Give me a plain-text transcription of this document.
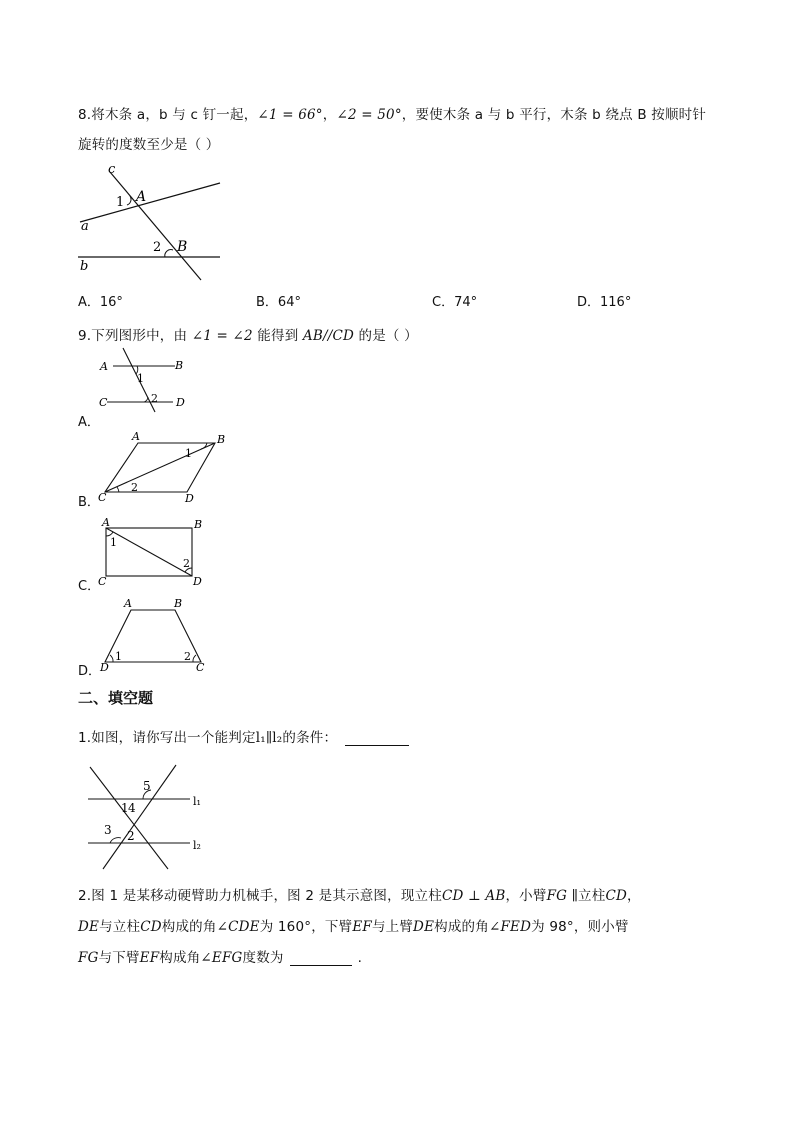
8.将木条 a，b 与 c 钉一起，∠1 = 66°，∠2 = 50°，要使木条 a 与 b 平行，木条 b 绕点 B 按顺时针
旋转的度数至少是（ ）
c
A
1
a
2 B
b
A．16°	B．64°	C．74°	D．116°
9.下列图形中，由 ∠1 = ∠2 能得到 AB//CD 的是（ ）
A	B
C	D
1
2
A．
A	B
C	D
1
2
B．
A	B
C	D
1
2
C．
A	B
D	C
1	2
D．
二、填空题
1.如图，请你写出一个能判定l₁∥l₂的条件：
5
1 4	l₁
3 2
l₂
2.图 1 是某移动硬臂助力机械手，图 2 是其示意图，现立柱CD ⊥ AB，小臂FG ∥立柱CD，
DE与立柱CD构成的角∠CDE为 160°，下臂EF与上臂DE构成的角∠FED为 98°，则小臂
FG与下臂EF构成角∠EFG度数为	.
